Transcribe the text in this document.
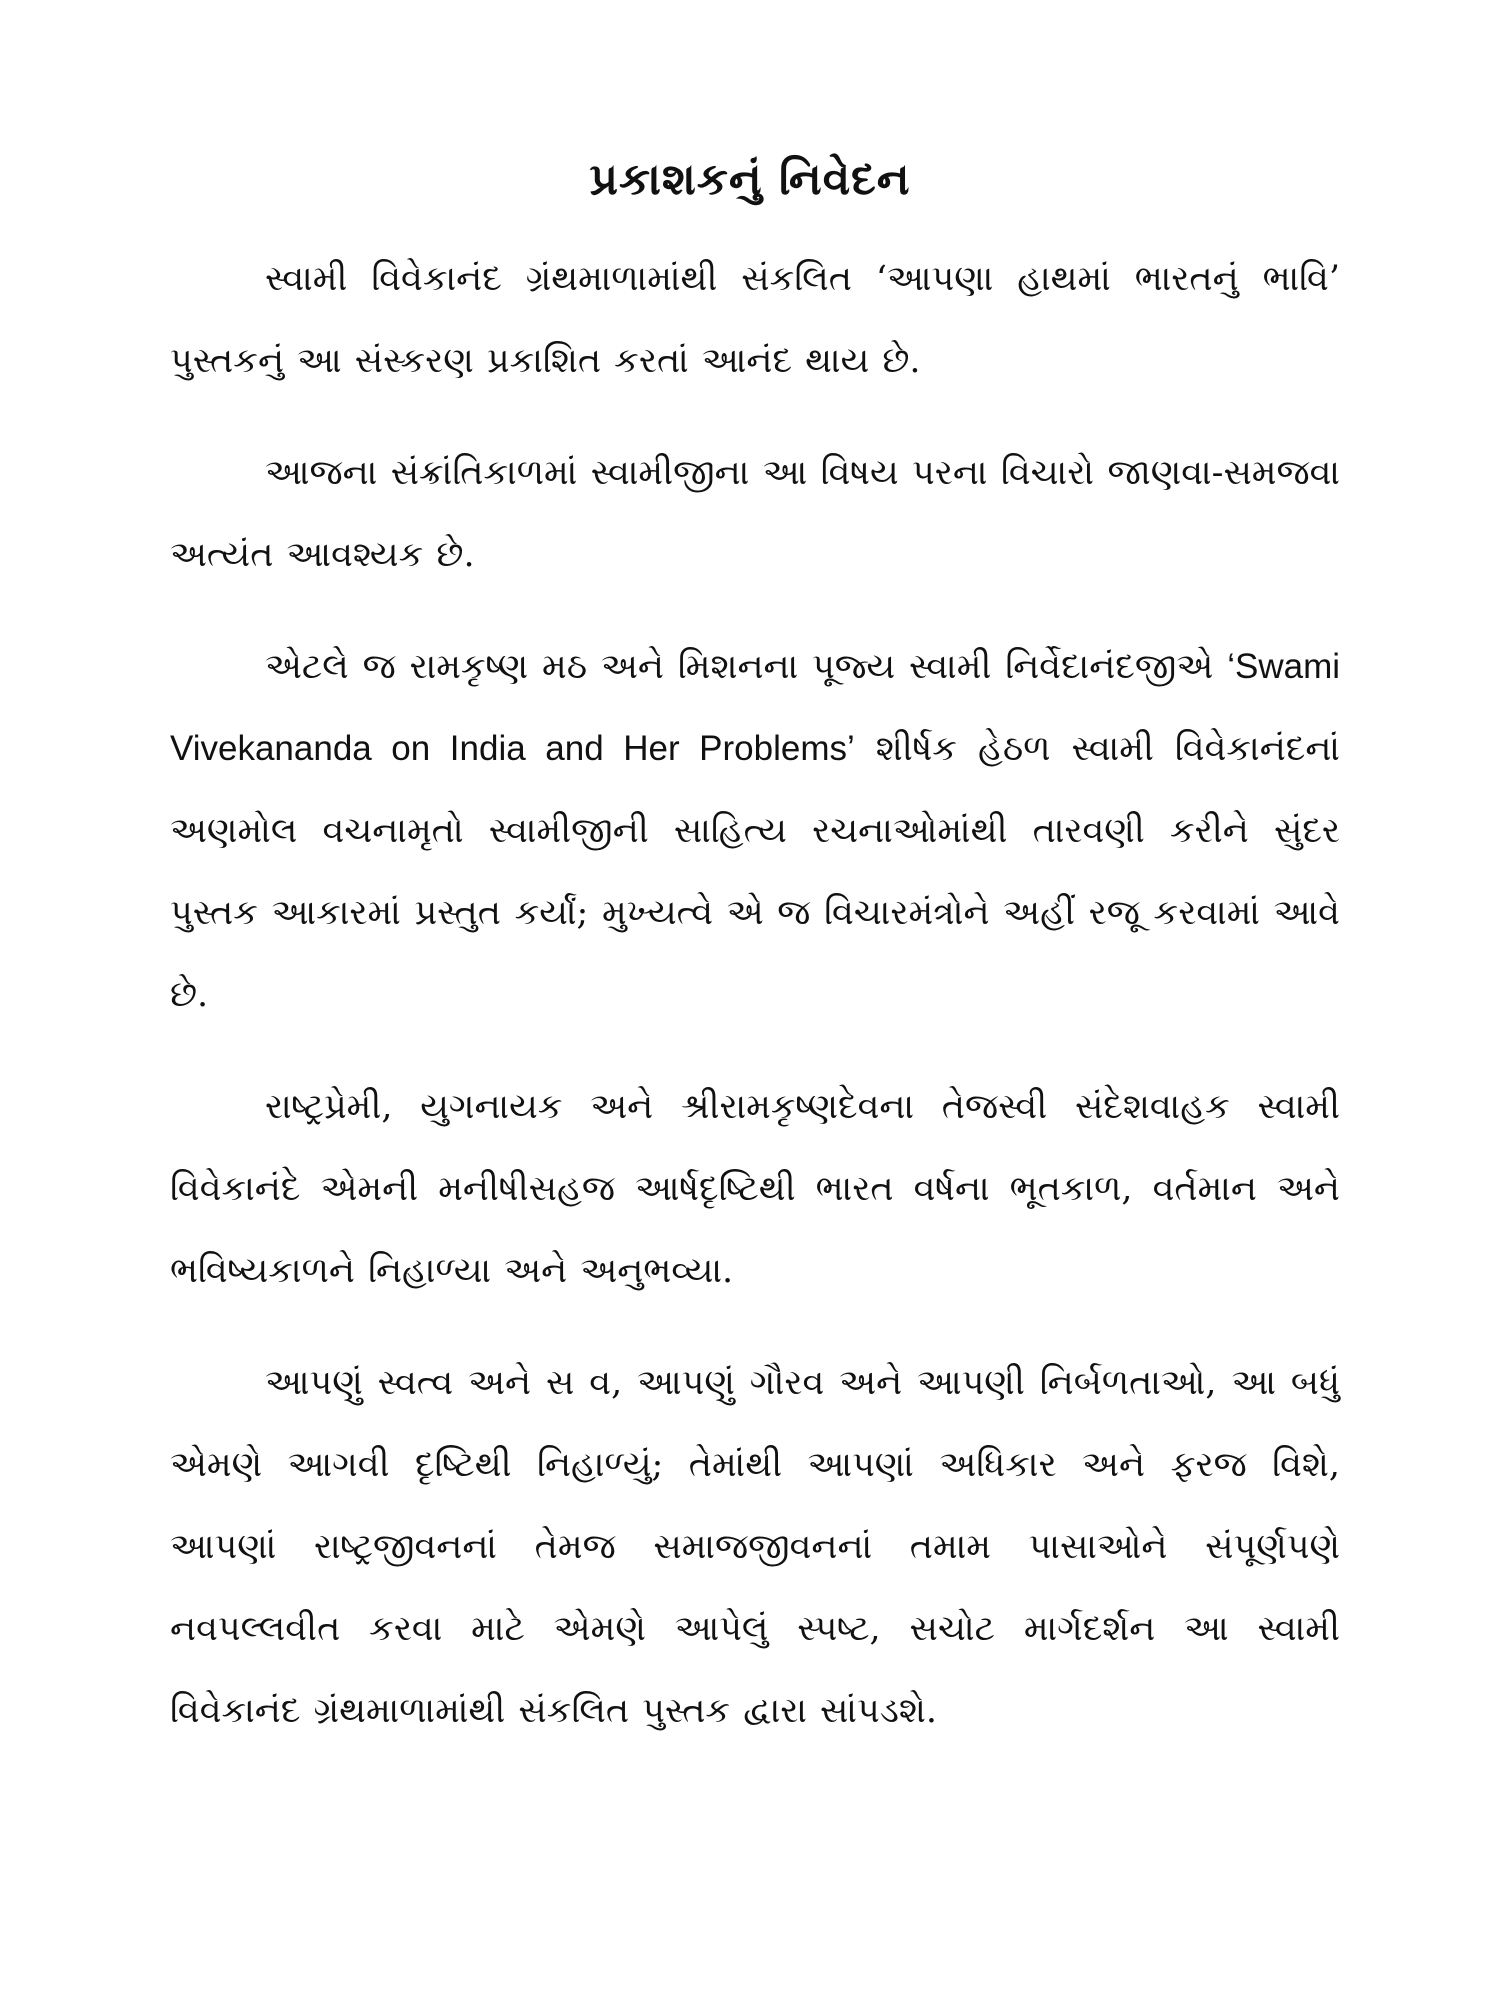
પ્રકાશકનું નિવેદન

સ્વામી વિવેકાનંદ ગ્રંથમાળામાંથી સંકલિત ‘આપણા હાથમાં ભારતનું ભાવિ’ પુસ્તકનું આ સંસ્કરણ પ્રકાશિત કરતાં આનંદ થાય છે.

આજના સંક્રાંતિકાળમાં સ્વામીજીના આ વિષય પરના વિચારો જાણવા-સમજવા અત્યંત આવશ્યક છે.

એટલે જ રામકૃષ્ણ મઠ અને મિશનના પૂજ્ય સ્વામી નિર્વેદાનંદજીએ ‘Swami Vivekananda on India and Her Problems’ શીર્ષક હેઠળ સ્વામી વિવેકાનંદનાં અણમોલ વચનામૃતો સ્વામીજીની સાહિત્ય રચનાઓમાંથી તારવણી કરીને સુંદર પુસ્તક આકારમાં પ્રસ્તુત કર્યાં; મુખ્યત્વે એ જ વિચારમંત્રોને અહીં રજૂ કરવામાં આવે છે.

રાષ્ટ્રપ્રેમી, યુગનાયક અને શ્રીરામકૃષ્ણદેવના તેજસ્વી સંદેશવાહક સ્વામી વિવેકાનંદે એમની મનીષીસહજ આર્ષદૃષ્ટિથી ભારત વર્ષના ભૂતકાળ, વર્તમાન અને ભવિષ્યકાળને નિહાળ્યા અને અનુભવ્યા.

આપણું સ્વત્વ અને સ વ, આપણું ગૌરવ અને આપણી નિર્બળતાઓ, આ બધું એમણે આગવી દૃષ્ટિથી નિહાળ્યું; તેમાંથી આપણાં અધિકાર અને ફરજ વિશે, આપણાં રાષ્ટ્રજીવનનાં તેમજ સમાજજીવનનાં તમામ પાસાઓને સંપૂર્ણપણે નવપલ્લવીત કરવા માટે એમણે આપેલું સ્પષ્ટ, સચોટ માર્ગદર્શન આ સ્વામી વિવેકાનંદ ગ્રંથમાળામાંથી સંકલિત પુસ્તક દ્વારા સાંપડશે.
